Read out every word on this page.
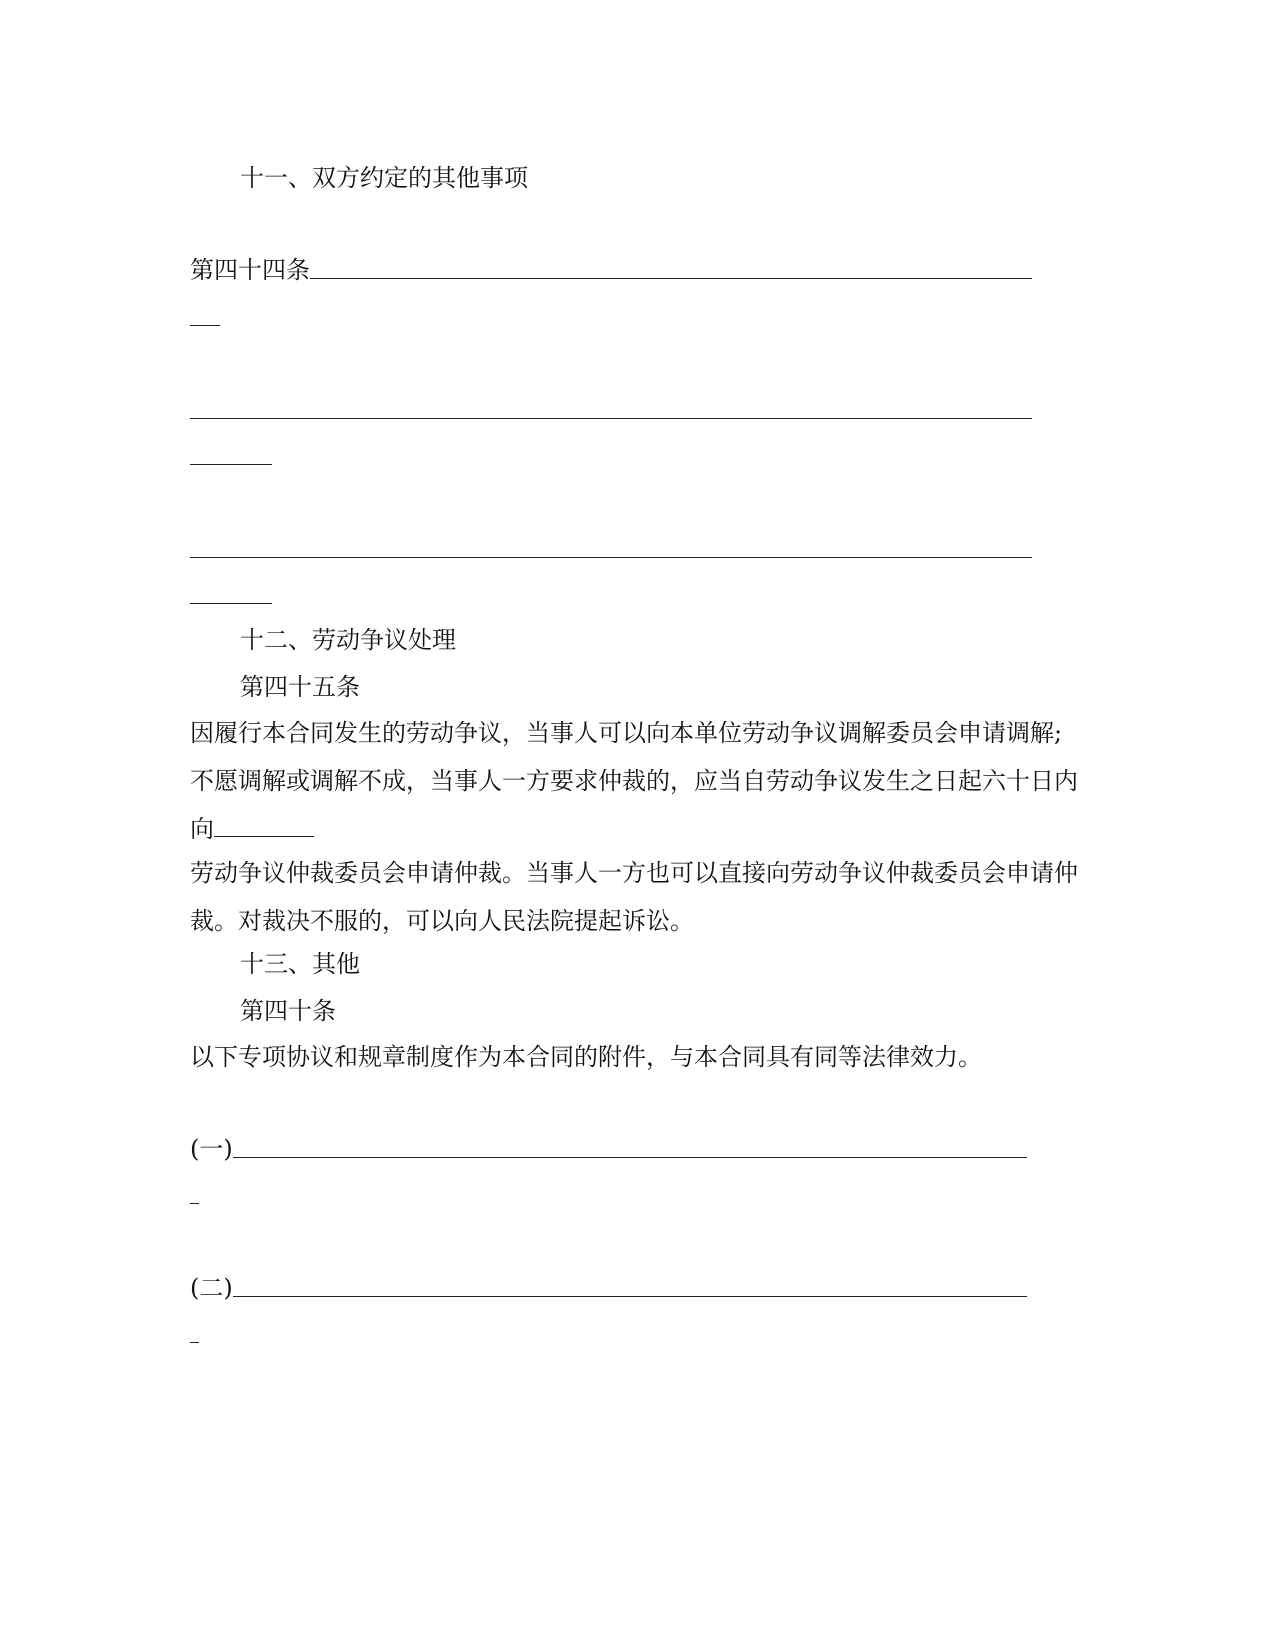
十一、双方约定的其他事项
第四十四条
十二、劳动争议处理
第四十五条
因履行本合同发生的劳动争议，当事人可以向本单位劳动争议调解委员会申请调解;不愿调解或调解不成，当事人一方要求仲裁的，应当自劳动争议发生之日起六十日内向
劳动争议仲裁委员会申请仲裁。当事人一方也可以直接向劳动争议仲裁委员会申请仲裁。对裁决不服的，可以向人民法院提起诉讼。
十三、其他
第四十条
以下专项协议和规章制度作为本合同的附件，与本合同具有同等法律效力。
(一)
(二)
